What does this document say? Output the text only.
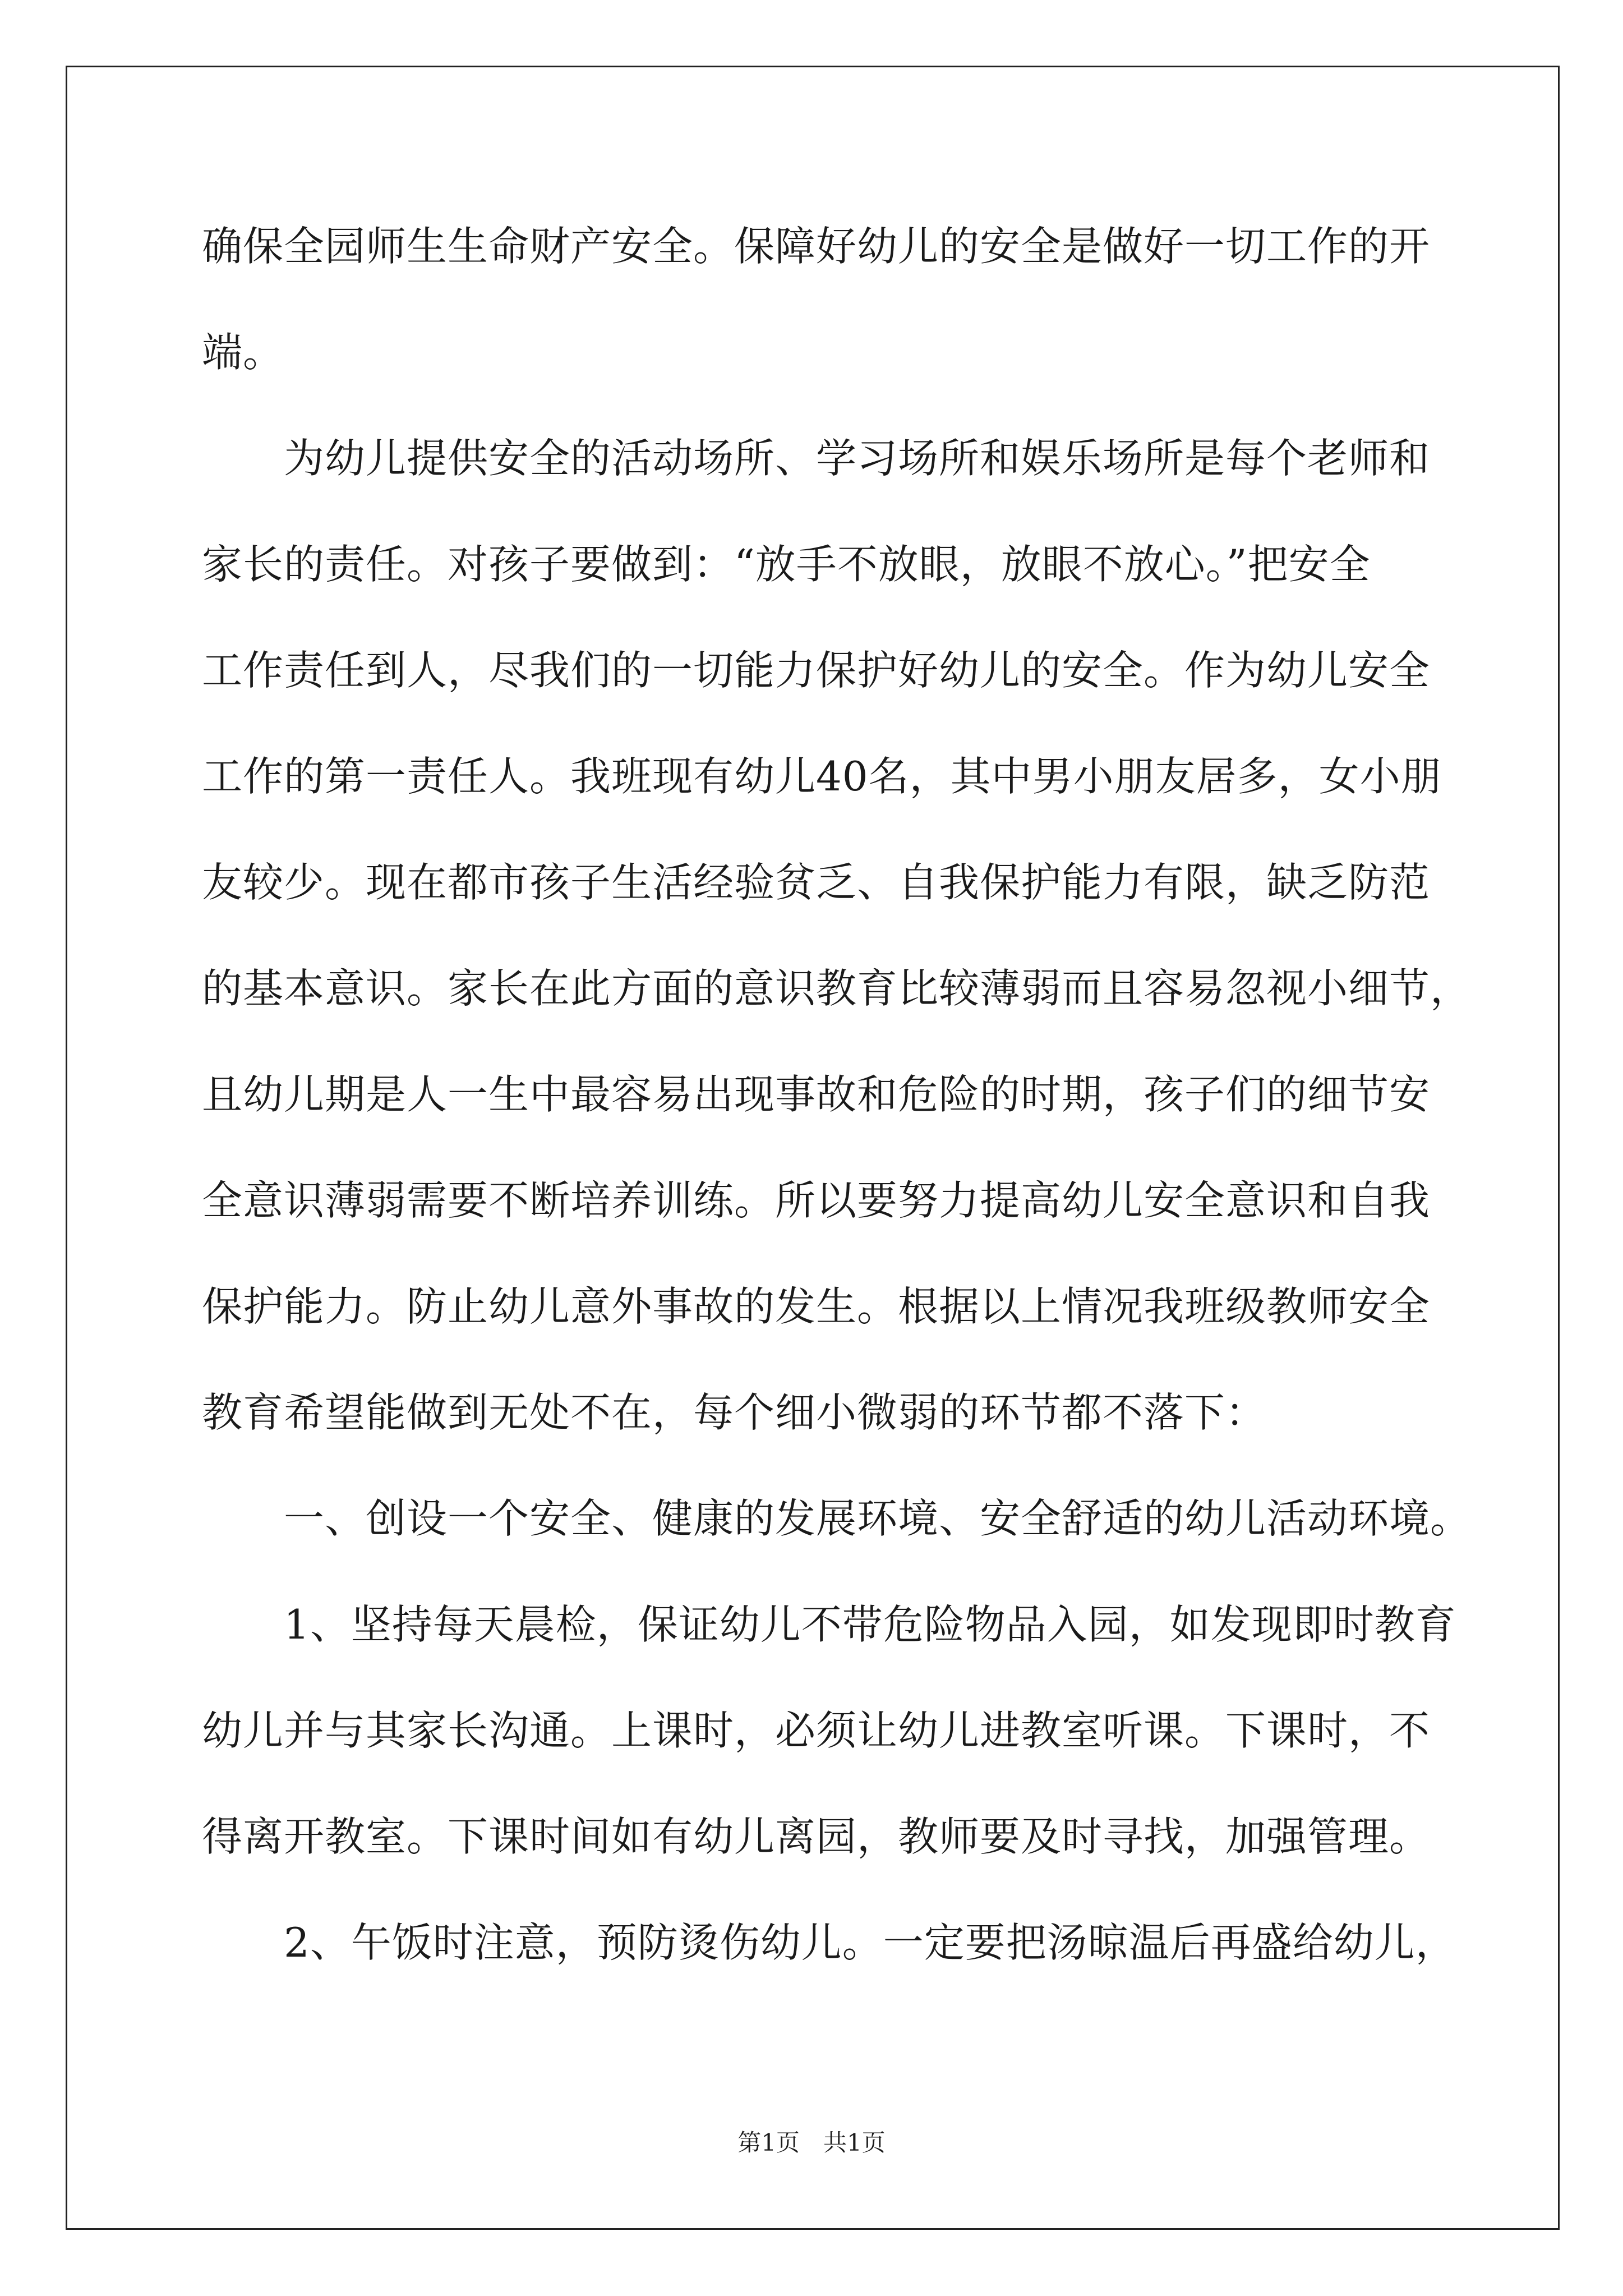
确保全园师生生命财产安全。保障好幼儿的安全是做好一切工作的开
端。
　　为幼儿提供安全的活动场所、学习场所和娱乐场所是每个老师和
家长的责任。对孩子要做到：“放手不放眼，放眼不放心。”把安全
工作责任到人，尽我们的一切能力保护好幼儿的安全。作为幼儿安全
工作的第一责任人。我班现有幼儿40名，其中男小朋友居多，女小朋
友较少。现在都市孩子生活经验贫乏、自我保护能力有限，缺乏防范
的基本意识。家长在此方面的意识教育比较薄弱而且容易忽视小细节，
且幼儿期是人一生中最容易出现事故和危险的时期，孩子们的细节安
全意识薄弱需要不断培养训练。所以要努力提高幼儿安全意识和自我
保护能力。防止幼儿意外事故的发生。根据以上情况我班级教师安全
教育希望能做到无处不在，每个细小微弱的环节都不落下：
　　一、创设一个安全、健康的发展环境、安全舒适的幼儿活动环境。
　　1、坚持每天晨检，保证幼儿不带危险物品入园，如发现即时教育
幼儿并与其家长沟通。上课时，必须让幼儿进教室听课。下课时，不
得离开教室。下课时间如有幼儿离园，教师要及时寻找，加强管理。
　　2、午饭时注意，预防烫伤幼儿。一定要把汤晾温后再盛给幼儿，
第1页　共1页
